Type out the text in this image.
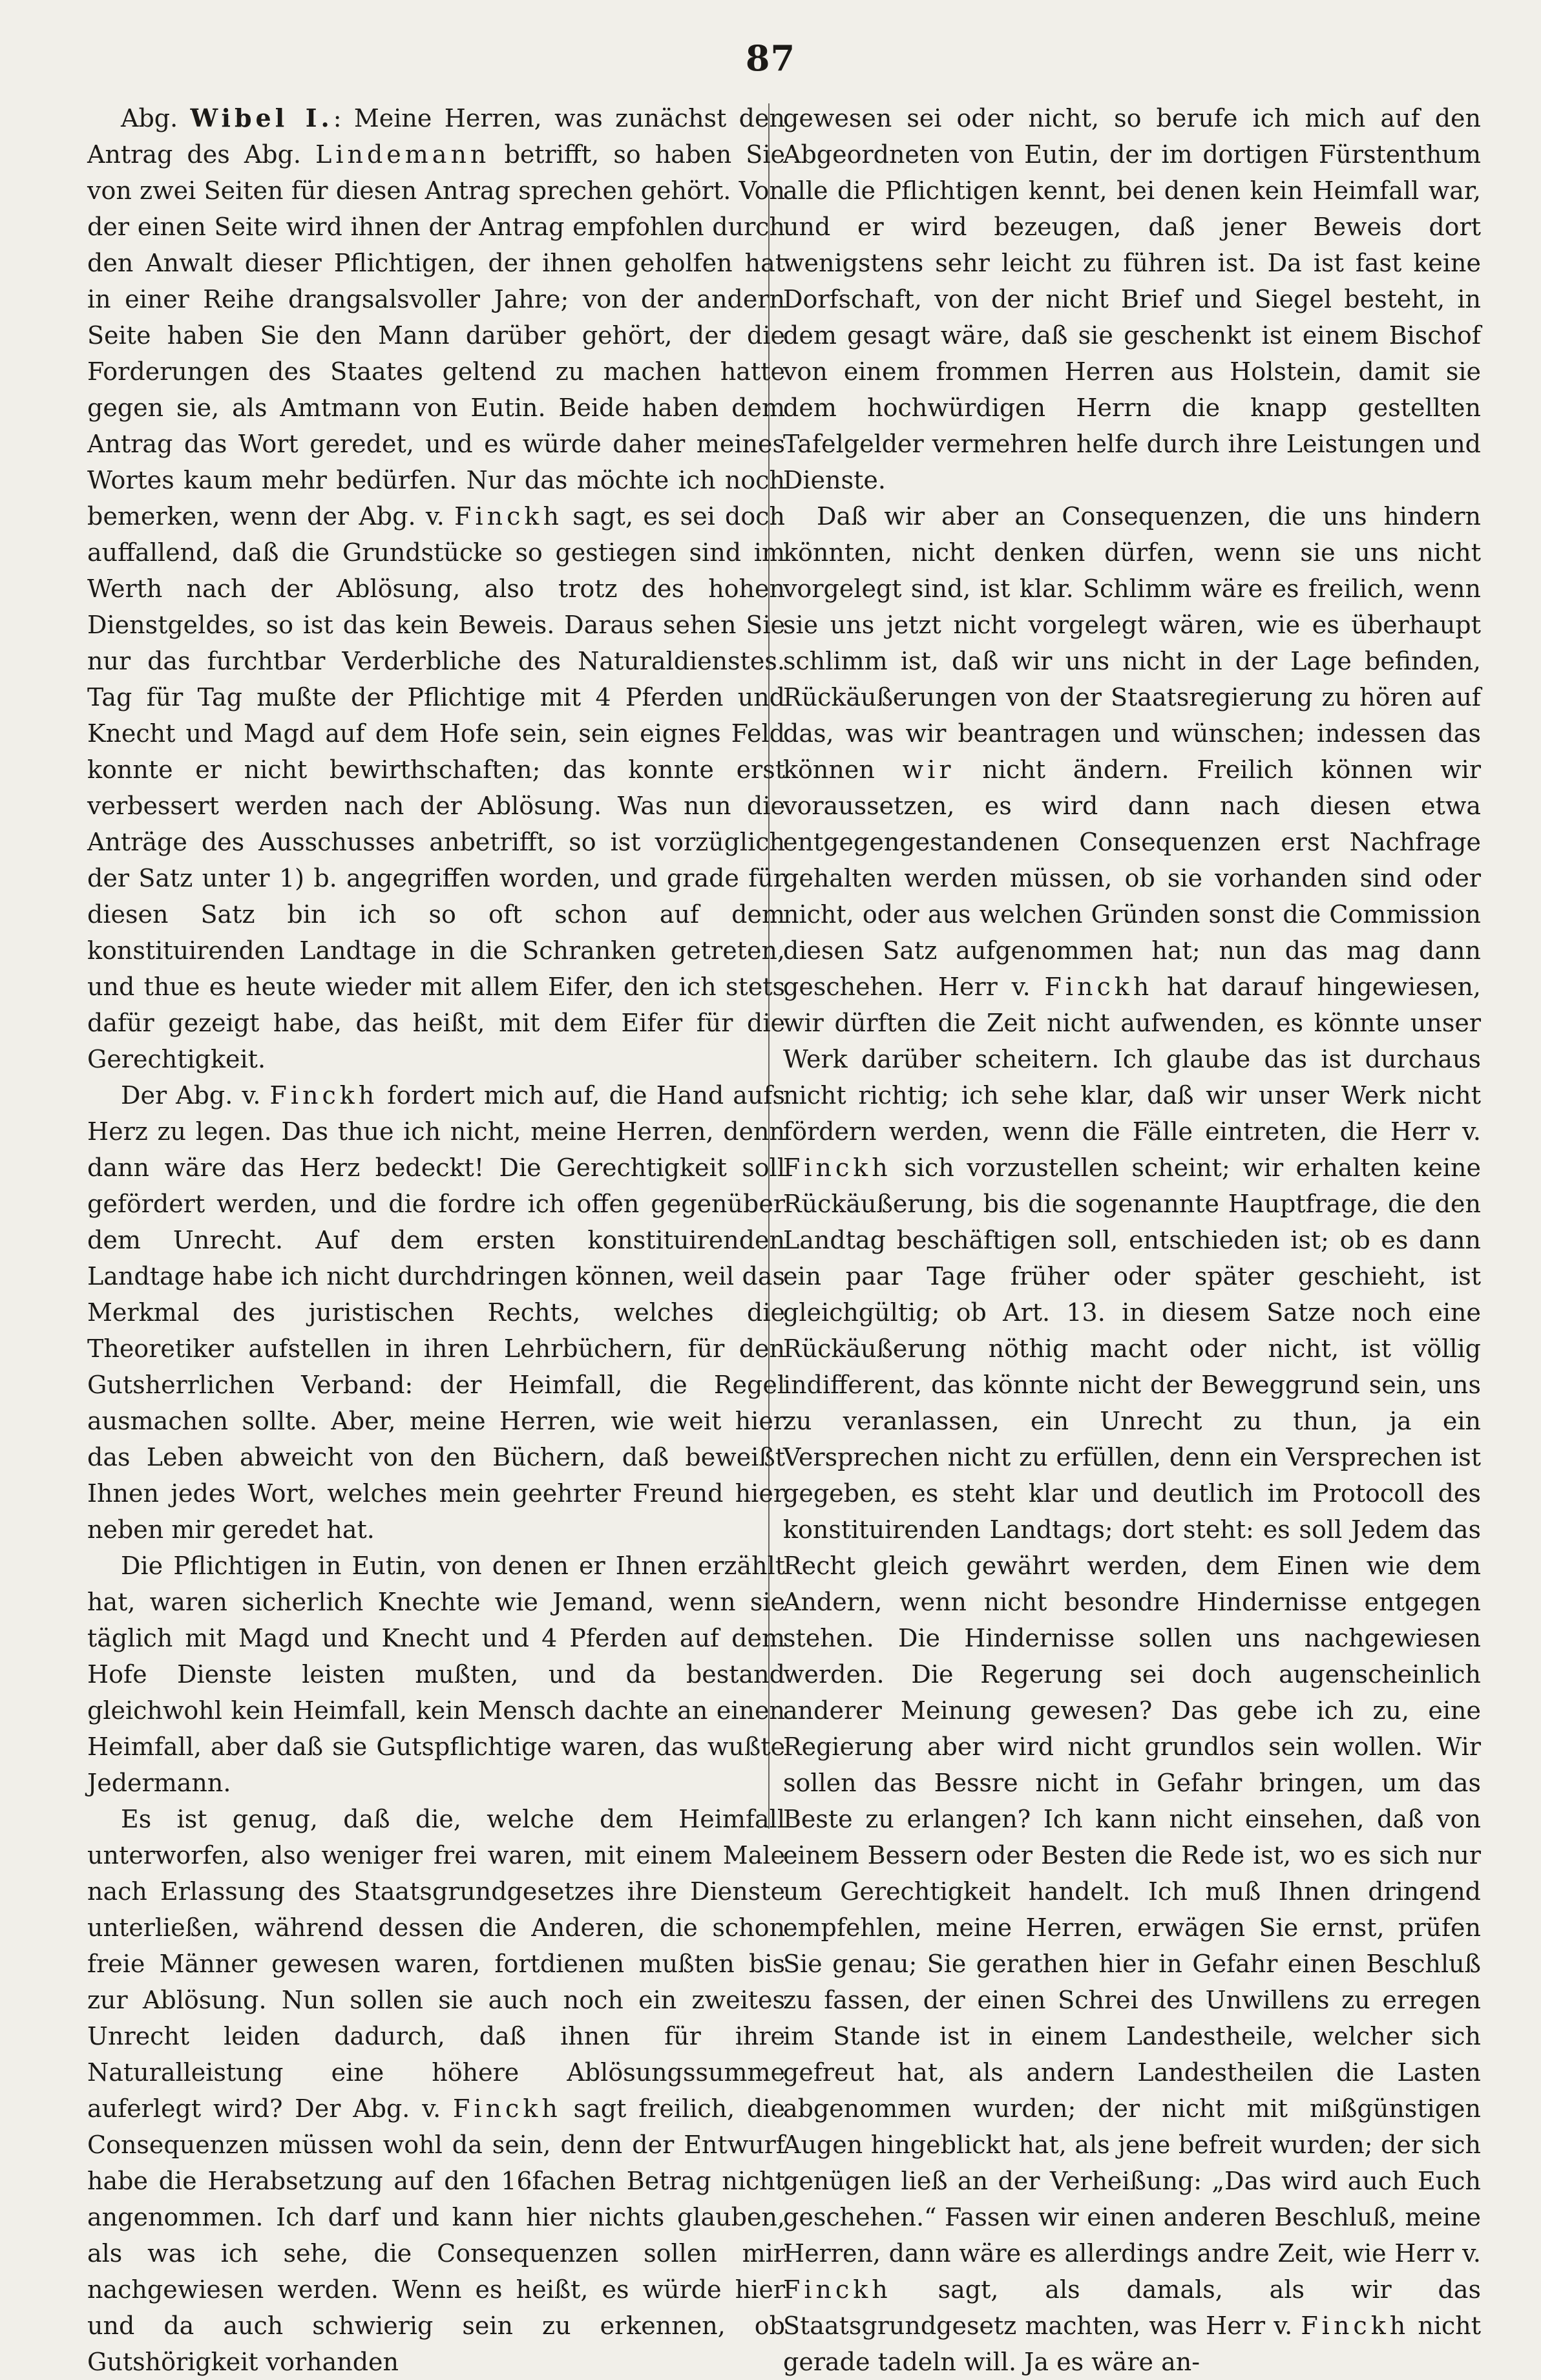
87

Abg. Wibel I.: Meine Herren, was zunächst den Antrag des Abg. Lindemann betrifft, so haben Sie von zwei Seiten für diesen Antrag sprechen gehört. Von der einen Seite wird ihnen der Antrag empfohlen durch den Anwalt dieser Pflichtigen, der ihnen geholfen hat in einer Reihe drangsalsvoller Jahre; von der andern Seite haben Sie den Mann darüber gehört, der die Forderungen des Staates geltend zu machen hatte gegen sie, als Amtmann von Eutin. Beide haben dem Antrag das Wort geredet, und es würde daher meines Wortes kaum mehr bedürfen. Nur das möchte ich noch bemerken, wenn der Abg. v. Finckh sagt, es sei doch auffallend, daß die Grundstücke so gestiegen sind im Werth nach der Ablösung, also trotz des hohen Dienstgeldes, so ist das kein Beweis. Daraus sehen Sie nur das furchtbar Verderbliche des Naturaldienstes. Tag für Tag mußte der Pflichtige mit 4 Pferden und Knecht und Magd auf dem Hofe sein, sein eignes Feld konnte er nicht bewirthschaften; das konnte erst verbessert werden nach der Ablösung. Was nun die Anträge des Ausschusses anbetrifft, so ist vorzüglich der Satz unter 1) b. angegriffen worden, und grade für diesen Satz bin ich so oft schon auf dem konstituirenden Landtage in die Schranken getreten, und thue es heute wieder mit allem Eifer, den ich stets dafür gezeigt habe, das heißt, mit dem Eifer für die Gerechtigkeit.

Der Abg. v. Finckh fordert mich auf, die Hand aufs Herz zu legen. Das thue ich nicht, meine Herren, denn dann wäre das Herz bedeckt! Die Gerechtigkeit soll gefördert werden, und die fordre ich offen gegenüber dem Unrecht. Auf dem ersten konstituirenden Landtage habe ich nicht durchdringen können, weil das Merkmal des juristischen Rechts, welches die Theoretiker aufstellen in ihren Lehrbüchern, für den Gutsherrlichen Verband: der Heimfall, die Regel ausmachen sollte. Aber, meine Herren, wie weit hier das Leben abweicht von den Büchern, daß beweißt Ihnen jedes Wort, welches mein geehrter Freund hier neben mir geredet hat.

Die Pflichtigen in Eutin, von denen er Ihnen erzählt hat, waren sicherlich Knechte wie Jemand, wenn sie täglich mit Magd und Knecht und 4 Pferden auf dem Hofe Dienste leisten mußten, und da bestand gleichwohl kein Heimfall, kein Mensch dachte an einen Heimfall, aber daß sie Gutspflichtige waren, das wußte Jedermann.

Es ist genug, daß die, welche dem Heimfall unterworfen, also weniger frei waren, mit einem Male nach Erlassung des Staatsgrundgesetzes ihre Dienste unterließen, während dessen die Anderen, die schon freie Männer gewesen waren, fortdienen mußten bis zur Ablösung. Nun sollen sie auch noch ein zweites Unrecht leiden dadurch, daß ihnen für ihre Naturalleistung eine höhere Ablösungssumme auferlegt wird? Der Abg. v. Finckh sagt freilich, die Consequenzen müssen wohl da sein, denn der Entwurf habe die Herabsetzung auf den 16fachen Betrag nicht angenommen. Ich darf und kann hier nichts glauben, als was ich sehe, die Consequenzen sollen mir nachgewiesen werden. Wenn es heißt, es würde hier und da auch schwierig sein zu erkennen, ob Gutshörigkeit vorhanden

gewesen sei oder nicht, so berufe ich mich auf den Abgeordneten von Eutin, der im dortigen Fürstenthum alle die Pflichtigen kennt, bei denen kein Heimfall war, und er wird bezeugen, daß jener Beweis dort wenigstens sehr leicht zu führen ist. Da ist fast keine Dorfschaft, von der nicht Brief und Siegel besteht, in dem gesagt wäre, daß sie geschenkt ist einem Bischof von einem frommen Herren aus Holstein, damit sie dem hochwürdigen Herrn die knapp gestellten Tafelgelder vermehren helfe durch ihre Leistungen und Dienste.

Daß wir aber an Consequenzen, die uns hindern könnten, nicht denken dürfen, wenn sie uns nicht vorgelegt sind, ist klar. Schlimm wäre es freilich, wenn sie uns jetzt nicht vorgelegt wären, wie es überhaupt schlimm ist, daß wir uns nicht in der Lage befinden, Rückäußerungen von der Staatsregierung zu hören auf das, was wir beantragen und wünschen; indessen das können wir nicht ändern. Freilich können wir voraussetzen, es wird dann nach diesen etwa entgegengestandenen Consequenzen erst Nachfrage gehalten werden müssen, ob sie vorhanden sind oder nicht, oder aus welchen Gründen sonst die Commission diesen Satz aufgenommen hat; nun das mag dann geschehen. Herr v. Finckh hat darauf hingewiesen, wir dürften die Zeit nicht aufwenden, es könnte unser Werk darüber scheitern. Ich glaube das ist durchaus nicht richtig; ich sehe klar, daß wir unser Werk nicht fördern werden, wenn die Fälle eintreten, die Herr v. Finckh sich vorzustellen scheint; wir erhalten keine Rückäußerung, bis die sogenannte Hauptfrage, die den Landtag beschäftigen soll, entschieden ist; ob es dann ein paar Tage früher oder später geschieht, ist gleichgültig; ob Art. 13. in diesem Satze noch eine Rückäußerung nöthig macht oder nicht, ist völlig indifferent, das könnte nicht der Beweggrund sein, uns zu veranlassen, ein Unrecht zu thun, ja ein Versprechen nicht zu erfüllen, denn ein Versprechen ist gegeben, es steht klar und deutlich im Protocoll des konstituirenden Landtags; dort steht: es soll Jedem das Recht gleich gewährt werden, dem Einen wie dem Andern, wenn nicht besondre Hindernisse entgegen stehen. Die Hindernisse sollen uns nachgewiesen werden. Die Regerung sei doch augenscheinlich anderer Meinung gewesen? Das gebe ich zu, eine Regierung aber wird nicht grundlos sein wollen. Wir sollen das Bessre nicht in Gefahr bringen, um das Beste zu erlangen? Ich kann nicht einsehen, daß von einem Bessern oder Besten die Rede ist, wo es sich nur um Gerechtigkeit handelt. Ich muß Ihnen dringend empfehlen, meine Herren, erwägen Sie ernst, prüfen Sie genau; Sie gerathen hier in Gefahr einen Beschluß zu fassen, der einen Schrei des Unwillens zu erregen im Stande ist in einem Landestheile, welcher sich gefreut hat, als andern Landestheilen die Lasten abgenommen wurden; der nicht mit mißgünstigen Augen hingeblickt hat, als jene befreit wurden; der sich genügen ließ an der Verheißung: „Das wird auch Euch geschehen.“ Fassen wir einen anderen Beschluß, meine Herren, dann wäre es allerdings andre Zeit, wie Herr v. Finckh sagt, als damals, als wir das Staatsgrundgesetz machten, was Herr v. Finckh nicht gerade tadeln will. Ja es wäre an-
